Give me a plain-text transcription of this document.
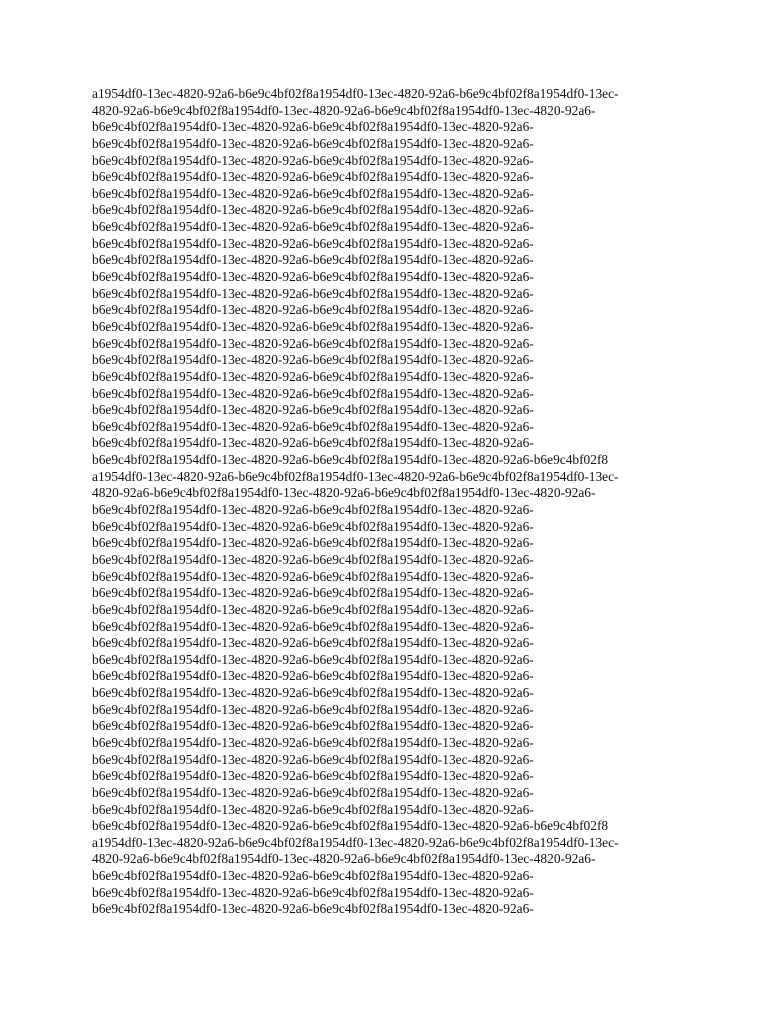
a1954df0-13ec-4820-92a6-b6e9c4bf02f8a1954df0-13ec-4820-92a6-b6e9c4bf02f8a1954df0-13ec-
4820-92a6-b6e9c4bf02f8a1954df0-13ec-4820-92a6-b6e9c4bf02f8a1954df0-13ec-4820-92a6-
b6e9c4bf02f8a1954df0-13ec-4820-92a6-b6e9c4bf02f8a1954df0-13ec-4820-92a6-
b6e9c4bf02f8a1954df0-13ec-4820-92a6-b6e9c4bf02f8a1954df0-13ec-4820-92a6-
b6e9c4bf02f8a1954df0-13ec-4820-92a6-b6e9c4bf02f8a1954df0-13ec-4820-92a6-
b6e9c4bf02f8a1954df0-13ec-4820-92a6-b6e9c4bf02f8a1954df0-13ec-4820-92a6-
b6e9c4bf02f8a1954df0-13ec-4820-92a6-b6e9c4bf02f8a1954df0-13ec-4820-92a6-
b6e9c4bf02f8a1954df0-13ec-4820-92a6-b6e9c4bf02f8a1954df0-13ec-4820-92a6-
b6e9c4bf02f8a1954df0-13ec-4820-92a6-b6e9c4bf02f8a1954df0-13ec-4820-92a6-
b6e9c4bf02f8a1954df0-13ec-4820-92a6-b6e9c4bf02f8a1954df0-13ec-4820-92a6-
b6e9c4bf02f8a1954df0-13ec-4820-92a6-b6e9c4bf02f8a1954df0-13ec-4820-92a6-
b6e9c4bf02f8a1954df0-13ec-4820-92a6-b6e9c4bf02f8a1954df0-13ec-4820-92a6-
b6e9c4bf02f8a1954df0-13ec-4820-92a6-b6e9c4bf02f8a1954df0-13ec-4820-92a6-
b6e9c4bf02f8a1954df0-13ec-4820-92a6-b6e9c4bf02f8a1954df0-13ec-4820-92a6-
b6e9c4bf02f8a1954df0-13ec-4820-92a6-b6e9c4bf02f8a1954df0-13ec-4820-92a6-
b6e9c4bf02f8a1954df0-13ec-4820-92a6-b6e9c4bf02f8a1954df0-13ec-4820-92a6-
b6e9c4bf02f8a1954df0-13ec-4820-92a6-b6e9c4bf02f8a1954df0-13ec-4820-92a6-
b6e9c4bf02f8a1954df0-13ec-4820-92a6-b6e9c4bf02f8a1954df0-13ec-4820-92a6-
b6e9c4bf02f8a1954df0-13ec-4820-92a6-b6e9c4bf02f8a1954df0-13ec-4820-92a6-
b6e9c4bf02f8a1954df0-13ec-4820-92a6-b6e9c4bf02f8a1954df0-13ec-4820-92a6-
b6e9c4bf02f8a1954df0-13ec-4820-92a6-b6e9c4bf02f8a1954df0-13ec-4820-92a6-
b6e9c4bf02f8a1954df0-13ec-4820-92a6-b6e9c4bf02f8a1954df0-13ec-4820-92a6-
b6e9c4bf02f8a1954df0-13ec-4820-92a6-b6e9c4bf02f8a1954df0-13ec-4820-92a6-b6e9c4bf02f8
a1954df0-13ec-4820-92a6-b6e9c4bf02f8a1954df0-13ec-4820-92a6-b6e9c4bf02f8a1954df0-13ec-
4820-92a6-b6e9c4bf02f8a1954df0-13ec-4820-92a6-b6e9c4bf02f8a1954df0-13ec-4820-92a6-
b6e9c4bf02f8a1954df0-13ec-4820-92a6-b6e9c4bf02f8a1954df0-13ec-4820-92a6-
b6e9c4bf02f8a1954df0-13ec-4820-92a6-b6e9c4bf02f8a1954df0-13ec-4820-92a6-
b6e9c4bf02f8a1954df0-13ec-4820-92a6-b6e9c4bf02f8a1954df0-13ec-4820-92a6-
b6e9c4bf02f8a1954df0-13ec-4820-92a6-b6e9c4bf02f8a1954df0-13ec-4820-92a6-
b6e9c4bf02f8a1954df0-13ec-4820-92a6-b6e9c4bf02f8a1954df0-13ec-4820-92a6-
b6e9c4bf02f8a1954df0-13ec-4820-92a6-b6e9c4bf02f8a1954df0-13ec-4820-92a6-
b6e9c4bf02f8a1954df0-13ec-4820-92a6-b6e9c4bf02f8a1954df0-13ec-4820-92a6-
b6e9c4bf02f8a1954df0-13ec-4820-92a6-b6e9c4bf02f8a1954df0-13ec-4820-92a6-
b6e9c4bf02f8a1954df0-13ec-4820-92a6-b6e9c4bf02f8a1954df0-13ec-4820-92a6-
b6e9c4bf02f8a1954df0-13ec-4820-92a6-b6e9c4bf02f8a1954df0-13ec-4820-92a6-
b6e9c4bf02f8a1954df0-13ec-4820-92a6-b6e9c4bf02f8a1954df0-13ec-4820-92a6-
b6e9c4bf02f8a1954df0-13ec-4820-92a6-b6e9c4bf02f8a1954df0-13ec-4820-92a6-
b6e9c4bf02f8a1954df0-13ec-4820-92a6-b6e9c4bf02f8a1954df0-13ec-4820-92a6-
b6e9c4bf02f8a1954df0-13ec-4820-92a6-b6e9c4bf02f8a1954df0-13ec-4820-92a6-
b6e9c4bf02f8a1954df0-13ec-4820-92a6-b6e9c4bf02f8a1954df0-13ec-4820-92a6-
b6e9c4bf02f8a1954df0-13ec-4820-92a6-b6e9c4bf02f8a1954df0-13ec-4820-92a6-
b6e9c4bf02f8a1954df0-13ec-4820-92a6-b6e9c4bf02f8a1954df0-13ec-4820-92a6-
b6e9c4bf02f8a1954df0-13ec-4820-92a6-b6e9c4bf02f8a1954df0-13ec-4820-92a6-
b6e9c4bf02f8a1954df0-13ec-4820-92a6-b6e9c4bf02f8a1954df0-13ec-4820-92a6-
b6e9c4bf02f8a1954df0-13ec-4820-92a6-b6e9c4bf02f8a1954df0-13ec-4820-92a6-b6e9c4bf02f8
a1954df0-13ec-4820-92a6-b6e9c4bf02f8a1954df0-13ec-4820-92a6-b6e9c4bf02f8a1954df0-13ec-
4820-92a6-b6e9c4bf02f8a1954df0-13ec-4820-92a6-b6e9c4bf02f8a1954df0-13ec-4820-92a6-
b6e9c4bf02f8a1954df0-13ec-4820-92a6-b6e9c4bf02f8a1954df0-13ec-4820-92a6-
b6e9c4bf02f8a1954df0-13ec-4820-92a6-b6e9c4bf02f8a1954df0-13ec-4820-92a6-
b6e9c4bf02f8a1954df0-13ec-4820-92a6-b6e9c4bf02f8a1954df0-13ec-4820-92a6-
